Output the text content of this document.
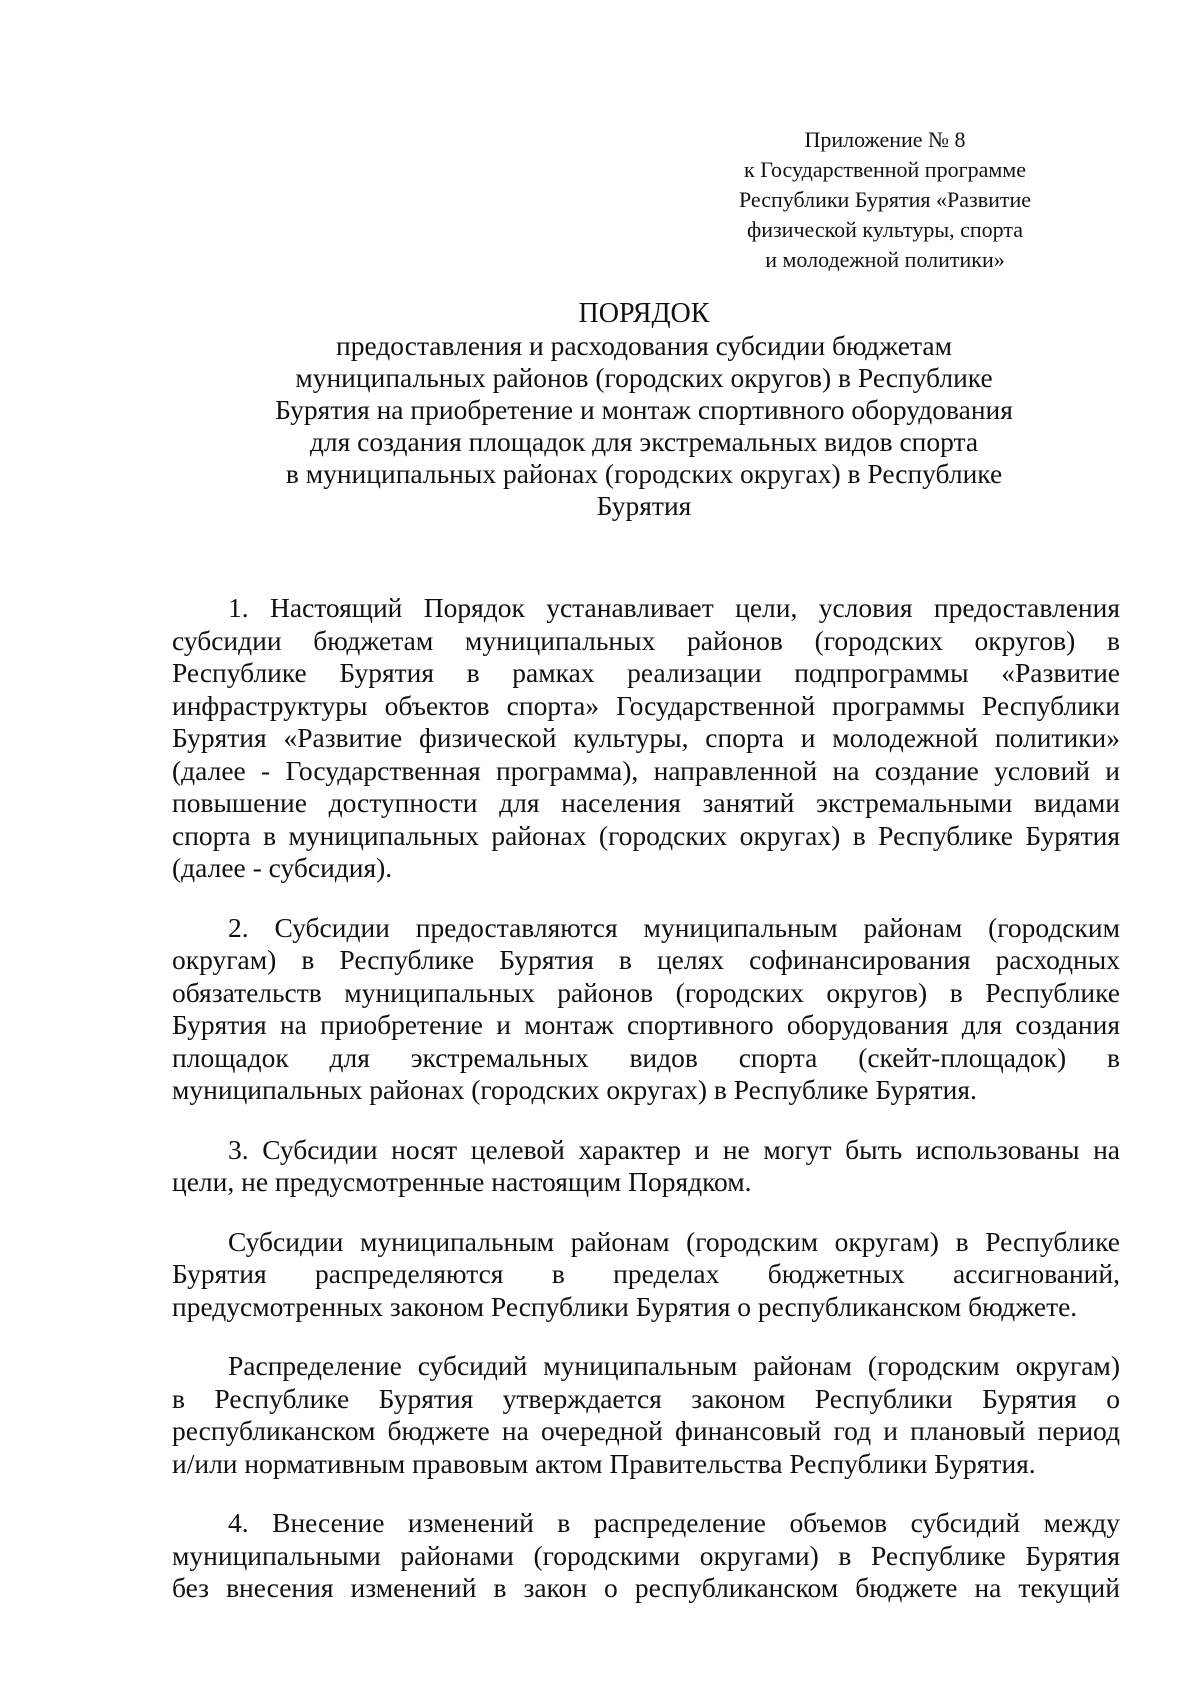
Приложение № 8
к Государственной программе
Республики Бурятия «Развитие
физической культуры, спорта
и молодежной политики»
ПОРЯДОК
предоставления и расходования субсидии бюджетам
муниципальных районов (городских округов) в Республике
Бурятия на приобретение и монтаж спортивного оборудования
для создания площадок для экстремальных видов спорта
в муниципальных районах (городских округах) в Республике
Бурятия
1. Настоящий Порядок устанавливает цели, условия предоставления
субсидии бюджетам муниципальных районов (городских округов) в
Республике Бурятия в рамках реализации подпрограммы «Развитие
инфраструктуры объектов спорта» Государственной программы Республики
Бурятия «Развитие физической культуры, спорта и молодежной политики»
(далее - Государственная программа), направленной на создание условий и
повышение доступности для населения занятий экстремальными видами
спорта в муниципальных районах (городских округах) в Республике Бурятия
(далее - субсидия).
2. Субсидии предоставляются муниципальным районам (городским
округам) в Республике Бурятия в целях софинансирования расходных
обязательств муниципальных районов (городских округов) в Республике
Бурятия на приобретение и монтаж спортивного оборудования для создания
площадок для экстремальных видов спорта (скейт-площадок) в
муниципальных районах (городских округах) в Республике Бурятия.
3. Субсидии носят целевой характер и не могут быть использованы на
цели, не предусмотренные настоящим Порядком.
Субсидии муниципальным районам (городским округам) в Республике
Бурятия распределяются в пределах бюджетных ассигнований,
предусмотренных законом Республики Бурятия о республиканском бюджете.
Распределение субсидий муниципальным районам (городским округам)
в Республике Бурятия утверждается законом Республики Бурятия о
республиканском бюджете на очередной финансовый год и плановый период
и/или нормативным правовым актом Правительства Республики Бурятия.
4. Внесение изменений в распределение объемов субсидий между
муниципальными районами (городскими округами) в Республике Бурятия
без внесения изменений в закон о республиканском бюджете на текущий
